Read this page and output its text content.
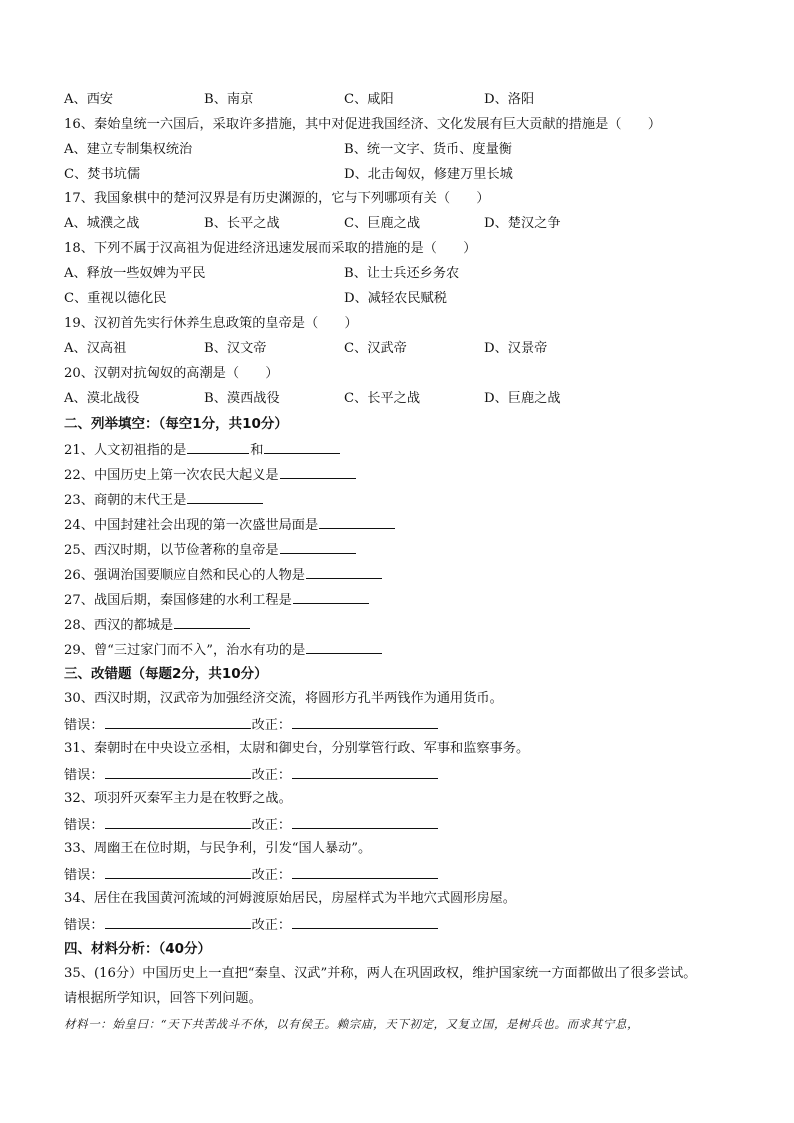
A、西安	B、南京	C、咸阳	D、洛阳
16、秦始皇统一六国后，采取许多措施，其中对促进我国经济、文化发展有巨大贡献的措施是（　　）
A、建立专制集权统治	B、统一文字、货币、度量衡
C、焚书坑儒	D、北击匈奴，修建万里长城
17、我国象棋中的楚河汉界是有历史渊源的，它与下列哪项有关（　　）
A、城濮之战	B、长平之战	C、巨鹿之战	D、楚汉之争
18、下列不属于汉高祖为促进经济迅速发展而采取的措施的是（　　）
A、释放一些奴婢为平民	B、让士兵还乡务农
C、重视以德化民	D、减轻农民赋税
19、汉初首先实行休养生息政策的皇帝是（　　）
A、汉高祖	B、汉文帝	C、汉武帝	D、汉景帝
20、汉朝对抗匈奴的高潮是（　　）
A、漠北战役	B、漠西战役	C、长平之战	D、巨鹿之战
二、列举填空：（每空1分，共10分）
21、人文初祖指的是	和
22、中国历史上第一次农民大起义是
23、商朝的末代王是
24、中国封建社会出现的第一次盛世局面是
25、西汉时期，以节俭著称的皇帝是
26、强调治国要顺应自然和民心的人物是
27、战国后期，秦国修建的水利工程是
28、西汉的都城是
29、曾“三过家门而不入”，治水有功的是
三、改错题（每题2分，共10分）
30、西汉时期，汉武帝为加强经济交流，将圆形方孔半两钱作为通用货币。
错误：	改正：
31、秦朝时在中央设立丞相，太尉和御史台，分别掌管行政、军事和监察事务。
错误：	改正：
32、项羽歼灭秦军主力是在牧野之战。
错误：	改正：
33、周幽王在位时期，与民争利，引发“国人暴动”。
错误：	改正：
34、居住在我国黄河流域的河姆渡原始居民，房屋样式为半地穴式圆形房屋。
错误：	改正：
四、材料分析：（40分）
35、(16分）中国历史上一直把“秦皇、汉武”并称，两人在巩固政权，维护国家统一方面都做出了很多尝试。
请根据所学知识，回答下列问题。
材料一：始皇曰：“天下共苦战斗不休，以有侯王。赖宗庙，天下初定，又复立国，是树兵也。而求其宁息，
